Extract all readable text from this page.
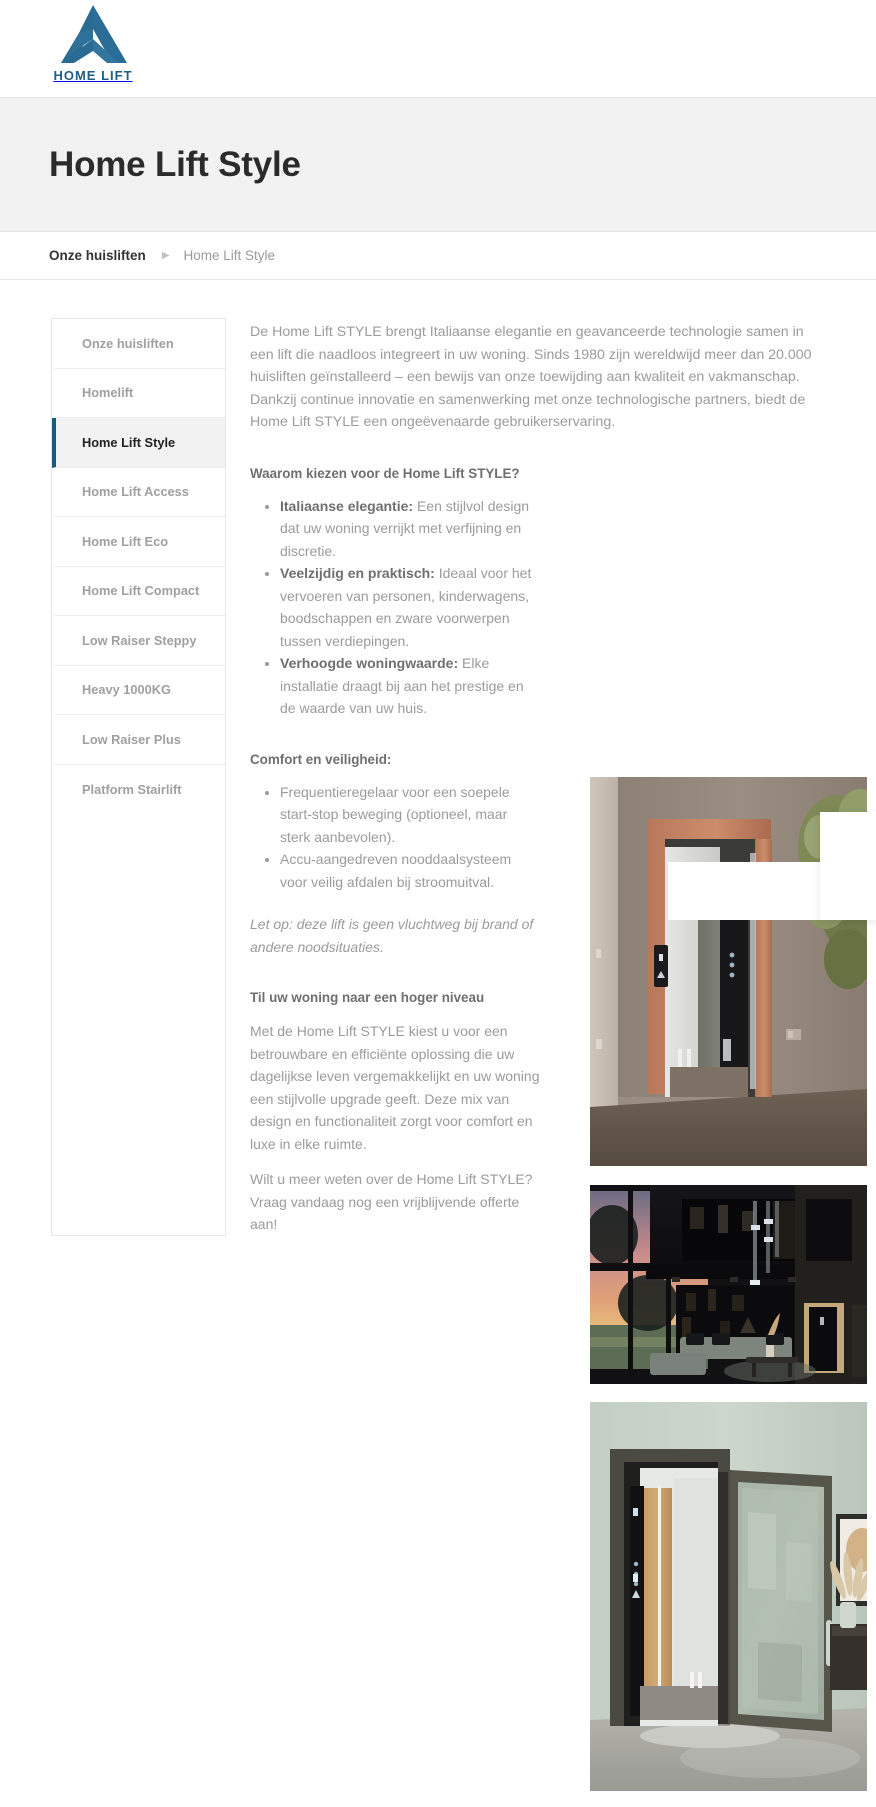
HOME LIFT
Home Lift Style
Onze huisliften ▶ Home Lift Style
Onze huisliften
Homelift
Home Lift Style
Home Lift Access
Home Lift Eco
Home Lift Compact
Low Raiser Steppy
Heavy 1000KG
Low Raiser Plus
Platform Stairlift

De Home Lift STYLE brengt Italiaanse elegantie en geavanceerde technologie samen in een lift die naadloos integreert in uw woning. Sinds 1980 zijn wereldwijd meer dan 20.000 huisliften geïnstalleerd – een bewijs van onze toewijding aan kwaliteit en vakmanschap. Dankzij continue innovatie en samenwerking met onze technologische partners, biedt de Home Lift STYLE een ongeëvenaarde gebruikerservaring.

Waarom kiezen voor de Home Lift STYLE?
• Italiaanse elegantie: Een stijlvol design dat uw woning verrijkt met verfijning en discretie.
• Veelzijdig en praktisch: Ideaal voor het vervoeren van personen, kinderwagens, boodschappen en zware voorwerpen tussen verdiepingen.
• Verhoogde woningwaarde: Elke installatie draagt bij aan het prestige en de waarde van uw huis.
Comfort en veiligheid:
• Frequentieregelaar voor een soepele start-stop beweging (optioneel, maar sterk aanbevolen).
• Accu-aangedreven nooddaalsysteem voor veilig afdalen bij stroomuitval.

Let op: deze lift is geen vluchtweg bij brand of andere noodsituaties.

Til uw woning naar een hoger niveau

Met de Home Lift STYLE kiest u voor een betrouwbare en efficiënte oplossing die uw dagelijkse leven vergemakkelijkt en uw woning een stijlvolle upgrade geeft. Deze mix van design en functionaliteit zorgt voor comfort en luxe in elke ruimte.

Wilt u meer weten over de Home Lift STYLE? Vraag vandaag nog een vrijblijvende offerte aan!
